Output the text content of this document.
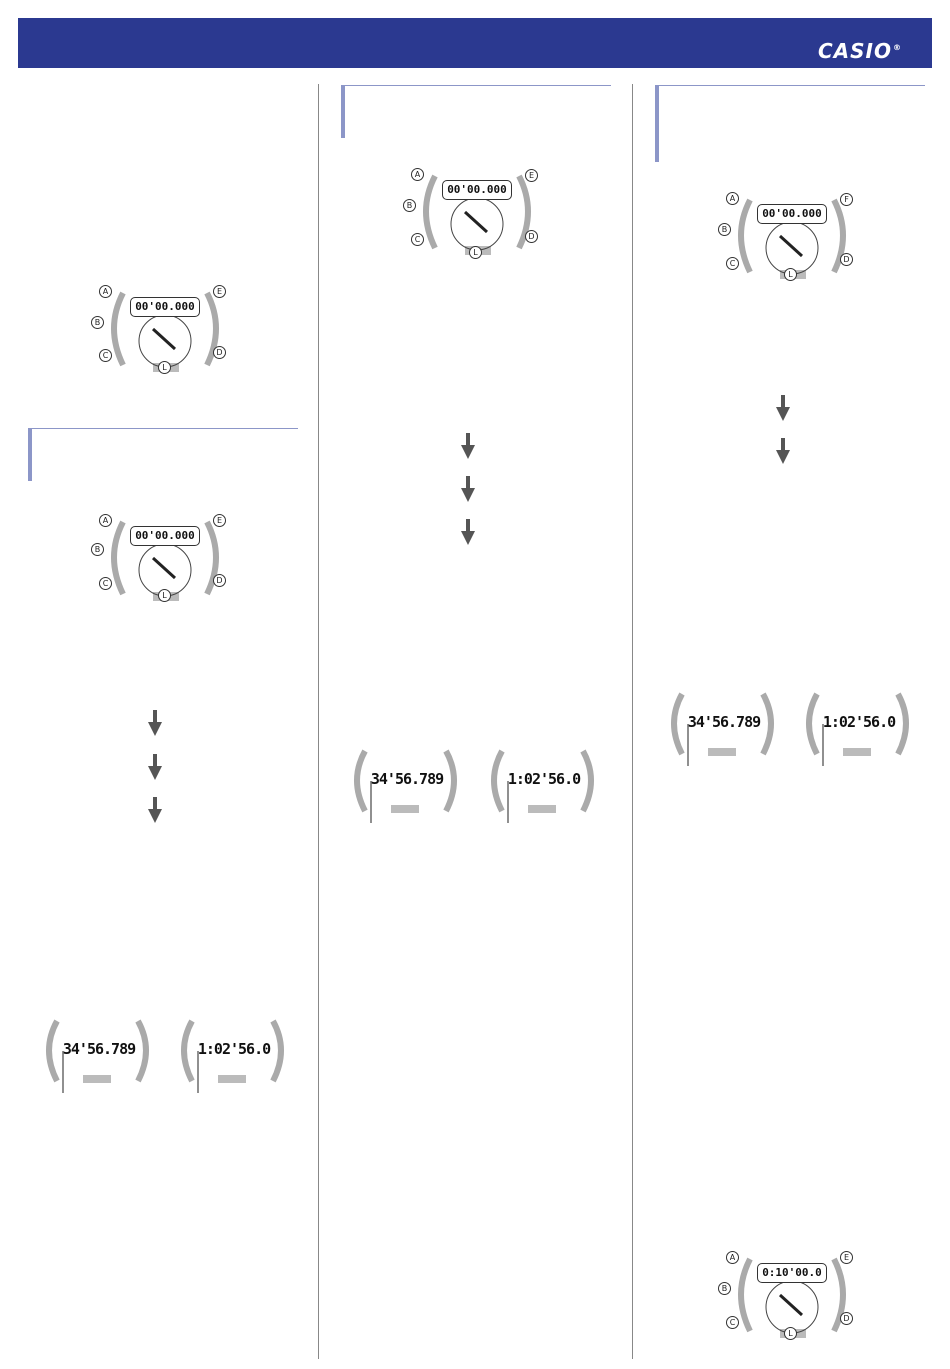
CASIO®
00'00.000
A
B
C	D
E
L
00'00.000
A
B
C	D
E
L
00'00.000
A
B
C	D
E
L
00'00.000
A
B
C	D
F
L
0:10'00.0
A
B
C	D
E
L
34'56.789	1:02'56.0
34'56.789	1:02'56.0
34'56.789	1:02'56.0
